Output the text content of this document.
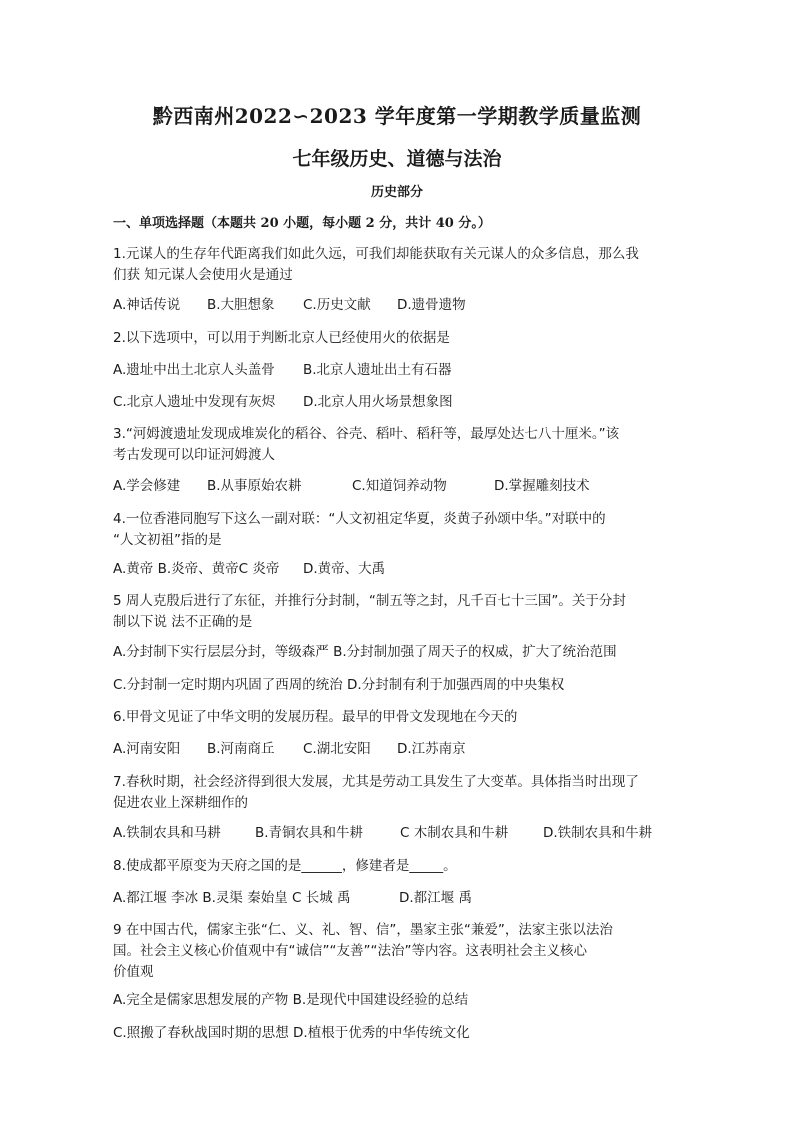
黔西南州2022∽2023 学年度第一学期教学质量监测
七年级历史、道德与法治
历史部分
一、单项选择题（本题共 20 小题，每小题 2 分，共计 40 分。）

1.元谋人的生存年代距离我们如此久远，可我们却能获取有关元谋人的众多信息，那么我

们获 知元谋人会使用火是通过

A.神话传说 B.大胆想象 C.历史文献 D.遗骨遗物

2.以下选项中，可以用于判断北京人已经使用火的依据是

A.遗址中出土北京人头盖骨 B.北京人遗址出土有石器

C.北京人遗址中发现有灰烬 D.北京人用火场景想象图

3.“河姆渡遗址发现成堆炭化的稻谷、谷壳、稻叶、稻秆等，最厚处达七八十厘米。”该

考古发现可以印证河姆渡人

A.学会修建 B.从事原始农耕	C.知道饲养动物	D.掌握雕刻技术

4.一位香港同胞写下这么一副对联：“人文初祖定华夏，炎黄子孙颂中华。”对联中的

“人文初祖”指的是

A.黄帝 B.炎帝、黄帝C 炎帝 D.黄帝、大禹

5 周人克殷后进行了东征，并推行分封制，“制五等之封，凡千百七十三国”。关于分封

制以下说 法不正确的是

A.分封制下实行层层分封，等级森严 B.分封制加强了周天子的权威，扩大了统治范围

C.分封制一定时期内巩固了西周的统治 D.分封制有利于加强西周的中央集权

6.甲骨文见证了中华文明的发展历程。最早的甲骨文发现地在今天的

A.河南安阳 B.河南商丘 C.湖北安阳 D.江苏南京

7.春秋时期，社会经济得到很大发展，尤其是劳动工具发生了大变革。具体指当时出现了

促进农业上深耕细作的

A.铁制农具和马耕	B.青铜农具和牛耕	C 木制农具和牛耕	D.铁制农具和牛耕

8.使成都平原变为天府之国的是______，修建者是_____。

A.都江堰 李冰 B.灵渠 秦始皇 C 长城 禹	D.都江堰 禹

9 在中国古代，儒家主张“仁、义、礼、智、信”，墨家主张“兼爱”，法家主张以法治

国。社会主义核心价值观中有“诚信”“友善”“法治”等内容。这表明社会主义核心

价值观

A.完全是儒家思想发展的产物 B.是现代中国建设经验的总结

C.照搬了春秋战国时期的思想 D.植根于优秀的中华传统文化
